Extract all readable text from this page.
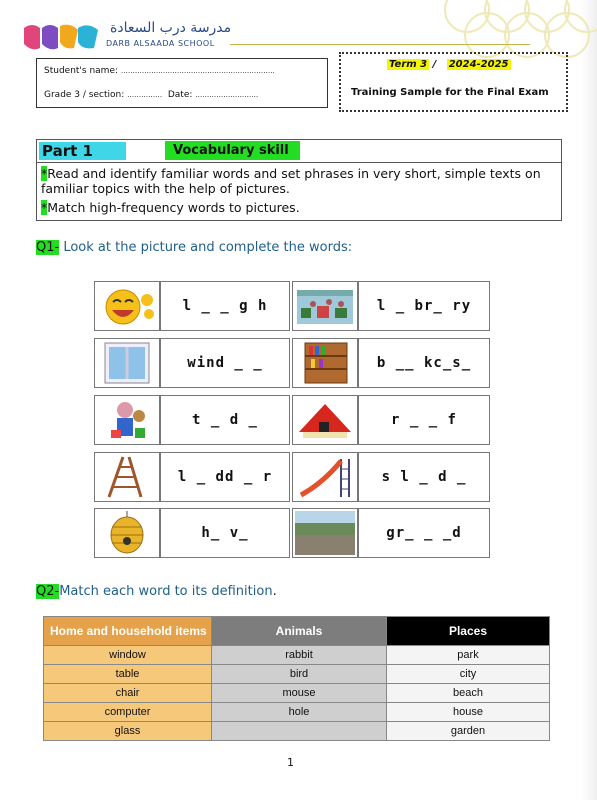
مدرسة درب السعادة
DARB ALSAADA SCHOOL
Student's name: …………………………………………………………
Grade 3 / section: …………… Date: ………………………
Term 3 / 2024-2025
Training Sample for the Final Exam
Part 1	Vocabulary skill
*Read and identify familiar words and set phrases in very short, simple texts on
familiar topics with the help of pictures.
*Match high-frequency words to pictures.
Q1- Look at the picture and complete the words:
l _ _ g h	l _ br_ ry
wind _ _	b __ kc_s_
t _ d _	r _ _ f
l _ dd _ r	s l _ d _
h_ v_	gr_ _ _d
Q2-Match each word to its definition.
Home and household items	Animals	Places
window	rabbit	park
table	bird	city
chair	mouse	beach
computer	hole	house
glass		garden
1
